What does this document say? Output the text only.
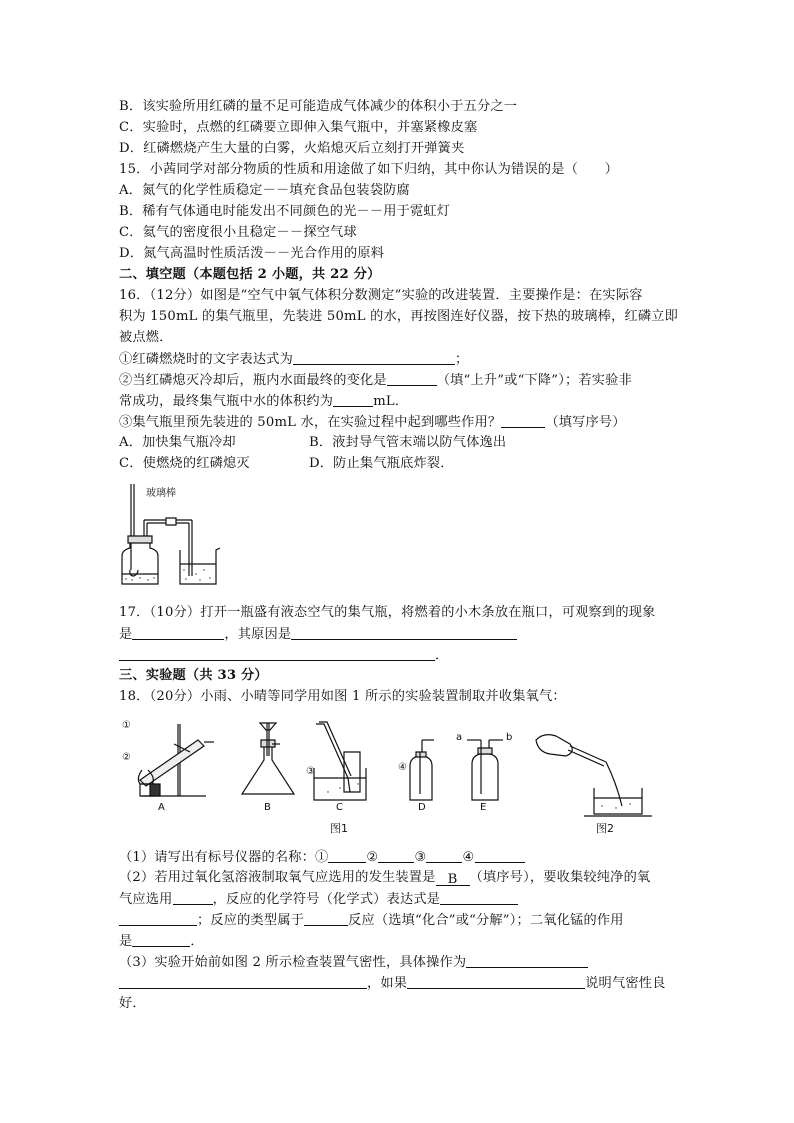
B．该实验所用红磷的量不足可能造成气体减少的体积小于五分之一
C．实验时，点燃的红磷要立即伸入集气瓶中，并塞紧橡皮塞
D．红磷燃烧产生大量的白雾，火焰熄灭后立刻打开弹簧夹
15．小茜同学对部分物质的性质和用途做了如下归纳，其中你认为错误的是（　　）
A．氮气的化学性质稳定－－填充食品包装袋防腐
B．稀有气体通电时能发出不同颜色的光－－用于霓虹灯
C．氦气的密度很小且稳定－－探空气球
D．氮气高温时性质活泼－－光合作用的原料
二、填空题（本题包括 2 小题，共 22 分）
16．（12分）如图是“空气中氧气体积分数测定”实验的改进装置．主要操作是：在实际容
积为 150mL 的集气瓶里，先装进 50mL 的水，再按图连好仪器，按下热的玻璃棒，红磷立即
被点燃．
①红磷燃烧时的文字表达式为	；
②当红磷熄灭冷却后，瓶内水面最终的变化是	（填“上升”或“下降”）；若实验非
常成功，最终集气瓶中水的体积约为	mL．
③集气瓶里预先装进的 50mL 水，在实验过程中起到哪些作用？	（填写序号）
A．加快集气瓶冷却	B．液封导气管末端以防气体逸出
C．使燃烧的红磷熄灭	D．防止集气瓶底炸裂．
玻璃棒
17．（10分）打开一瓶盛有液态空气的集气瓶，将燃着的小木条放在瓶口，可观察到的现象
是	，其原因是
．
三、实验题（共 33 分）
18．（20分）小雨、小晴等同学用如图 1 所示的实验装置制取并收集氧气：
①
②
③	④
a	b
A	B	C	D	E
图1	图2
（1）请写出有标号仪器的名称：①	②	③	④
（2）若用过氧化氢溶液制取氧气应选用的发生装置是 B （填序号），要收集较纯净的氧
气应选用	，反应的化学符号（化学式）表达式是
；反应的类型属于	反应（选填“化合”或“分解”）；二氧化锰的作用
是	．
（3）实验开始前如图 2 所示检查装置气密性，具体操作为
，如果	说明气密性良
好．
